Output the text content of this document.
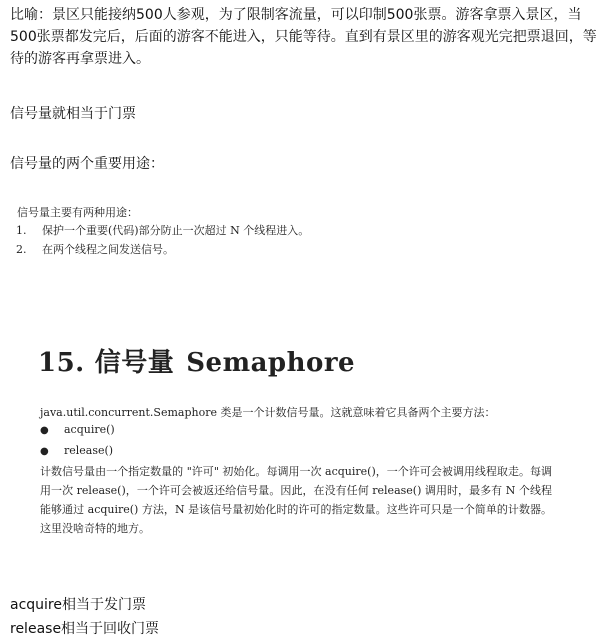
比喻：景区只能接纳500人参观，为了限制客流量，可以印制500张票。游客拿票入景区，当500张票都发完后，后面的游客不能进入，只能等待。直到有景区里的游客观光完把票退回，等待的游客再拿票进入。
信号量就相当于门票
信号量的两个重要用途：
信号量主要有两种用途：
1. 保护一个重要(代码)部分防止一次超过 N 个线程进入。
2. 在两个线程之间发送信号。
15. 信号量 Semaphore
java.util.concurrent.Semaphore 类是一个计数信号量。这就意味着它具备两个主要方法：
● acquire()
● release()
计数信号量由一个指定数量的 "许可" 初始化。每调用一次 acquire()，一个许可会被调用线程取走。每调用一次 release()，一个许可会被返还给信号量。因此，在没有任何 release() 调用时，最多有 N 个线程能够通过 acquire() 方法，N 是该信号量初始化时的许可的指定数量。这些许可只是一个简单的计数器。这里没啥奇特的地方。
acquire相当于发门票
release相当于回收门票
